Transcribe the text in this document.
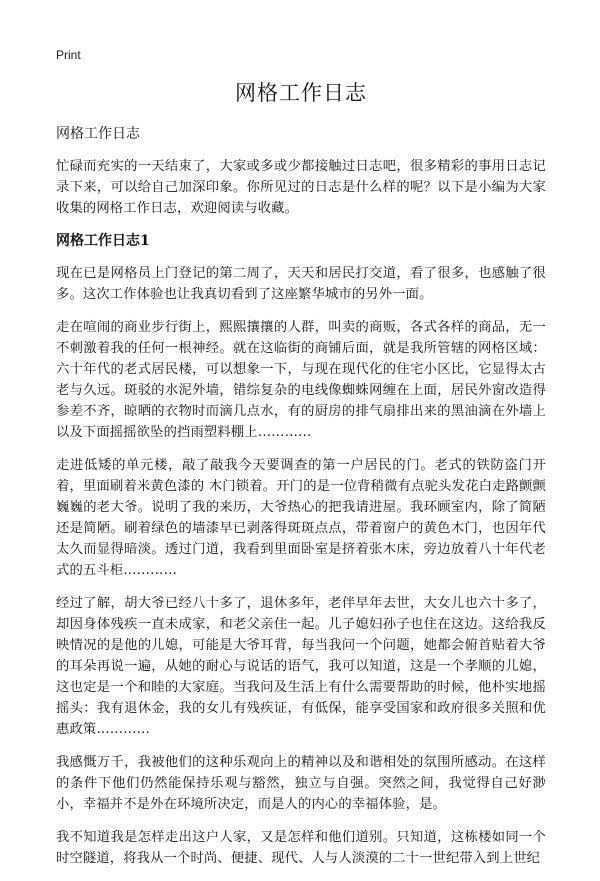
Print
网格工作日志
网格工作日志

忙碌而充实的一天结束了，大家或多或少都接触过日志吧，很多精彩的事用日志记录下来，可以给自己加深印象。你所见过的日志是什么样的呢？以下是小编为大家收集的网格工作日志，欢迎阅读与收藏。

网格工作日志1

现在已是网格员上门登记的第二周了，天天和居民打交道，看了很多，也感触了很多。这次工作体验也让我真切看到了这座繁华城市的另外一面。

走在喧闹的商业步行街上，熙熙攘攘的人群，叫卖的商贩，各式各样的商品，无一不刺激着我的任何一根神经。就在这临街的商铺后面，就是我所管辖的网格区域：六十年代的老式居民楼，可以想象一下，与现在现代化的住宅小区比，它显得太古老与久远。斑驳的水泥外墙，错综复杂的电线像蜘蛛网缠在上面，居民外窗改造得参差不齐，晾晒的衣物时而滴几点水，有的厨房的排气扇排出来的黑油滴在外墙上以及下面摇摇欲坠的挡雨塑料棚上…………

走进低矮的单元楼，敲了敲我今天要调查的第一户居民的门。老式的铁防盗门开着，里面刷着米黄色漆的 木门锁着。开门的是一位背稍微有点驼头发花白走路颤颤巍巍的老大爷。说明了我的来历，大爷热心的把我请进屋。我环顾室内，除了简陋还是简陋。刷着绿色的墙漆早已剥落得斑斑点点，带着窗户的黄色木门，也因年代太久而显得暗淡。透过门道，我看到里面卧室是挤着张木床，旁边放着八十年代老式的五斗柜…………

经过了解，胡大爷已经八十多了，退休多年，老伴早年去世，大女儿也六十多了，却因身体残疾一直未成家，和老父亲住一起。儿子媳妇孙子也住在这边。这给我反映情况的是他的儿媳，可能是大爷耳背，每当我问一个问题，她都会俯首贴着大爷的耳朵再说一遍，从她的耐心与说话的语气，我可以知道，这是一个孝顺的儿媳，这也定是一个和睦的大家庭。当我问及生活上有什么需要帮助的时候，他朴实地摇摇头：我有退休金，我的女儿有残疾证，有低保，能享受国家和政府很多关照和优惠政策…………

我感慨万千，我被他们的这种乐观向上的精神以及和谐相处的氛围所感动。在这样的条件下他们仍然能保持乐观与豁然，独立与自强。突然之间，我觉得自己好渺小，幸福并不是外在环境所决定，而是人的内心的幸福体验，是。

我不知道我是怎样走出这户人家，又是怎样和他们道别。只知道，这栋楼如同一个时空隧道，将我从一个时尚、便捷、现代、人与人淡漠的二十一世纪带入到上世纪
